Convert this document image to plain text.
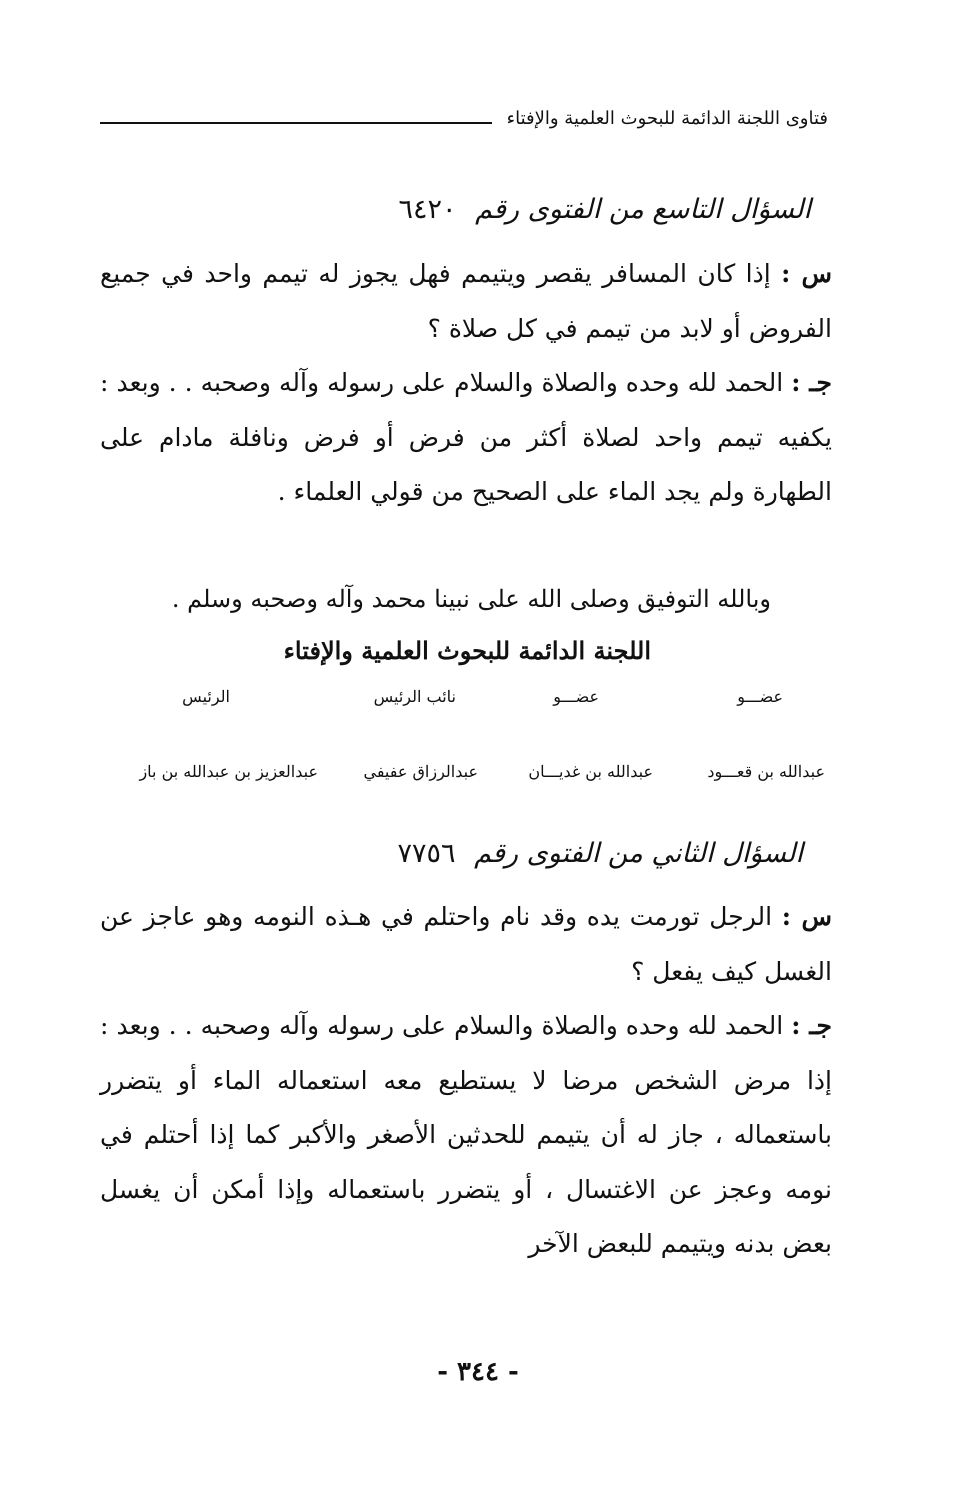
فتاوى اللجنة الدائمة للبحوث العلمية والإفتاء
السؤال التاسع من الفتوى رقم ٦٤٢٠
س : إذا كان المسافر يقصر ويتيمم فهل يجوز له تيمم واحد في جميع الفروض أو لابد من تيمم في كل صلاة ؟
جـ : الحمد لله وحده والصلاة والسلام على رسوله وآله وصحبه . . وبعد : يكفيه تيمم واحد لصلاة أكثر من فرض أو فرض ونافلة مادام على الطهارة ولم يجد الماء على الصحيح من قولي العلماء .
وبالله التوفيق وصلى الله على نبينا محمد وآله وصحبه وسلم .
اللجنة الدائمة للبحوث العلمية والإفتاء
عضـــو
عضـــو
نائب الرئيس
الرئيس
عبدالله بن قعـــود
عبدالله بن غديـــان
عبدالرزاق عفيفي
عبدالعزيز بن عبدالله بن باز
السؤال الثاني من الفتوى رقم ٧٧٥٦
س : الرجل تورمت يده وقد نام واحتلم في هـذه النومه وهو عاجز عن الغسل كيف يفعل ؟
جـ : الحمد لله وحده والصلاة والسلام على رسوله وآله وصحبه . . وبعد : إذا مرض الشخص مرضا لا يستطيع معه استعماله الماء أو يتضرر باستعماله ، جاز له أن يتيمم للحدثين الأصغر والأكبر كما إذا أحتلم في نومه وعجز عن الاغتسال ، أو يتضرر باستعماله وإذا أمكن أن يغسل بعض بدنه ويتيمم للبعض الآخر
- ٣٤٤ -
